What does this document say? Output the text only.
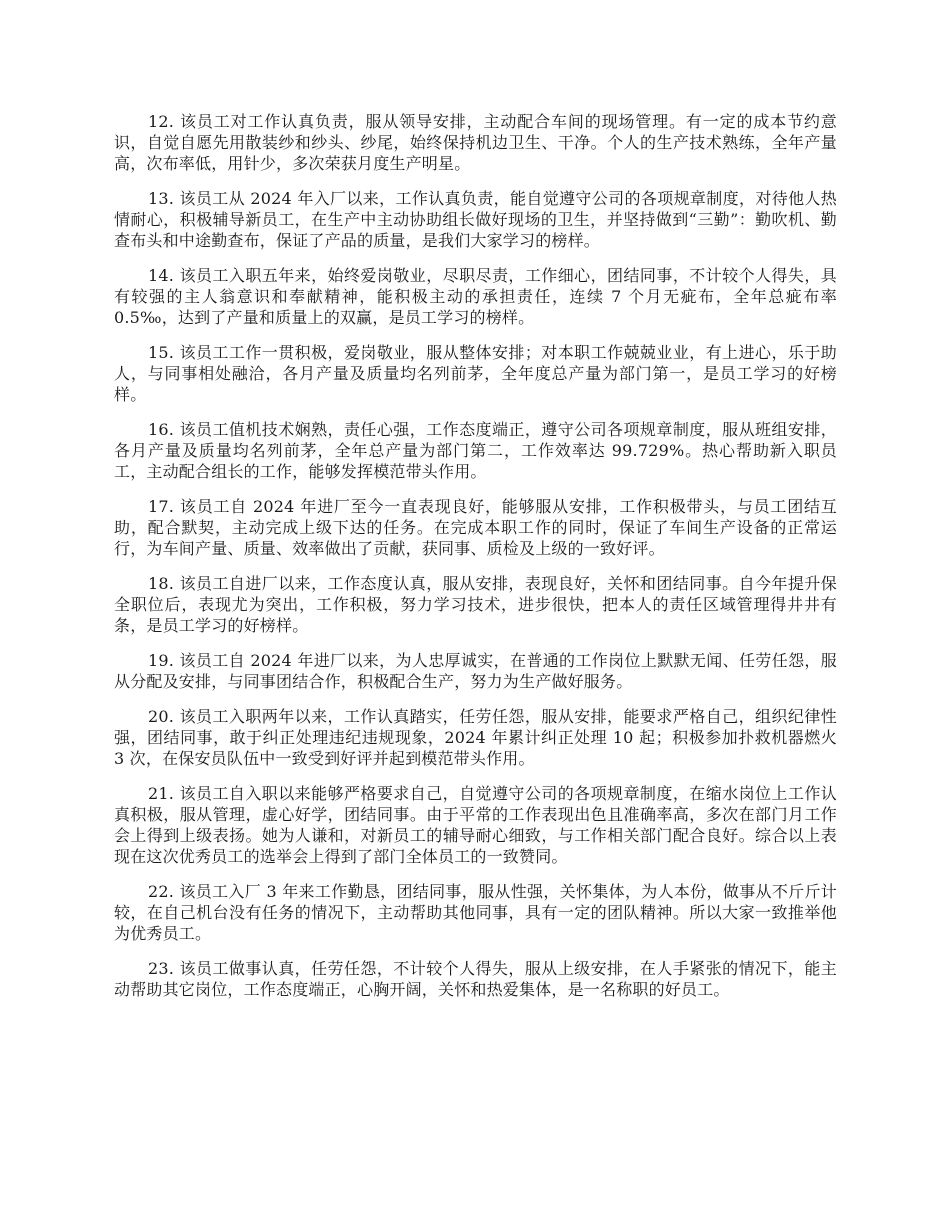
12. 该员工对工作认真负责，服从领导安排，主动配合车间的现场管理。有一定的成本节约意识，自觉自愿先用散装纱和纱头、纱尾，始终保持机边卫生、干净。个人的生产技术熟练，全年产量高，次布率低，用针少，多次荣获月度生产明星。

13. 该员工从 2024 年入厂以来，工作认真负责，能自觉遵守公司的各项规章制度，对待他人热情耐心，积极辅导新员工，在生产中主动协助组长做好现场的卫生，并坚持做到“三勤”：勤吹机、勤查布头和中途勤查布，保证了产品的质量，是我们大家学习的榜样。

14. 该员工入职五年来，始终爱岗敬业，尽职尽责，工作细心，团结同事，不计较个人得失，具有较强的主人翁意识和奉献精神，能积极主动的承担责任，连续 7 个月无疵布，全年总疵布率 0.5‰，达到了产量和质量上的双赢，是员工学习的榜样。

15. 该员工工作一贯积极，爱岗敬业，服从整体安排；对本职工作兢兢业业，有上进心，乐于助人，与同事相处融洽，各月产量及质量均名列前茅，全年度总产量为部门第一，是员工学习的好榜样。

16. 该员工值机技术娴熟，责任心强，工作态度端正，遵守公司各项规章制度，服从班组安排，各月产量及质量均名列前茅，全年总产量为部门第二，工作效率达 99.729%。热心帮助新入职员工，主动配合组长的工作，能够发挥模范带头作用。

17. 该员工自 2024 年进厂至今一直表现良好，能够服从安排，工作积极带头，与员工团结互助，配合默契，主动完成上级下达的任务。在完成本职工作的同时，保证了车间生产设备的正常运行，为车间产量、质量、效率做出了贡献，获同事、质检及上级的一致好评。

18. 该员工自进厂以来，工作态度认真，服从安排，表现良好，关怀和团结同事。自今年提升保全职位后，表现尤为突出，工作积极，努力学习技术，进步很快，把本人的责任区域管理得井井有条，是员工学习的好榜样。

19. 该员工自 2024 年进厂以来，为人忠厚诚实，在普通的工作岗位上默默无闻、任劳任怨，服从分配及安排，与同事团结合作，积极配合生产，努力为生产做好服务。

20. 该员工入职两年以来，工作认真踏实，任劳任怨，服从安排，能要求严格自己，组织纪律性强，团结同事，敢于纠正处理违纪违规现象，2024 年累计纠正处理 10 起；积极参加扑救机器燃火 3 次，在保安员队伍中一致受到好评并起到模范带头作用。

21. 该员工自入职以来能够严格要求自己，自觉遵守公司的各项规章制度，在缩水岗位上工作认真积极，服从管理，虚心好学，团结同事。由于平常的工作表现出色且准确率高，多次在部门月工作会上得到上级表扬。她为人谦和，对新员工的辅导耐心细致，与工作相关部门配合良好。综合以上表现在这次优秀员工的选举会上得到了部门全体员工的一致赞同。

22. 该员工入厂 3 年来工作勤恳，团结同事，服从性强，关怀集体，为人本份，做事从不斤斤计较，在自己机台没有任务的情况下，主动帮助其他同事，具有一定的团队精神。所以大家一致推举他为优秀员工。

23. 该员工做事认真，任劳任怨，不计较个人得失，服从上级安排，在人手紧张的情况下，能主动帮助其它岗位，工作态度端正，心胸开阔，关怀和热爱集体，是一名称职的好员工。
